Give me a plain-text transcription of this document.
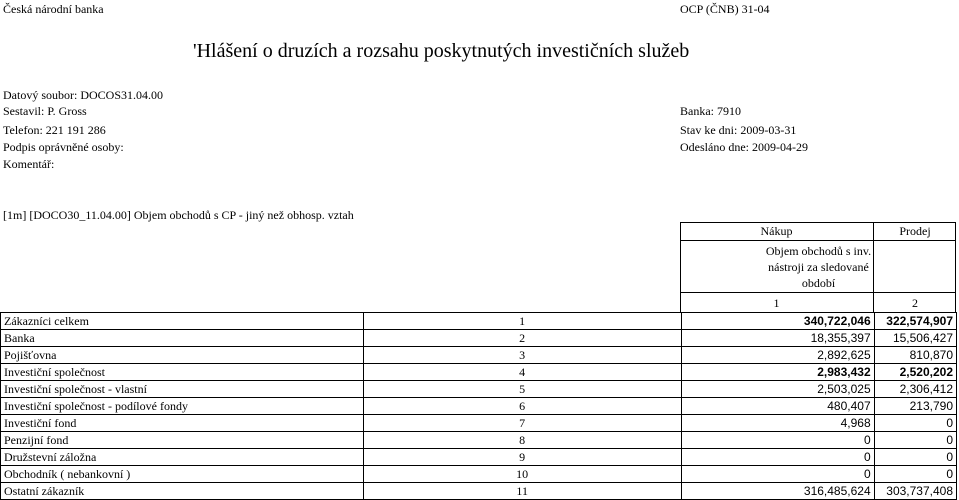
Česká národní banka	OCP (ČNB) 31-04
'Hlášení o druzích a rozsahu poskytnutých investičních služeb
Datový soubor: DOCOS31.04.00
Sestavil: P. Gross
Telefon: 221 191 286
Podpis oprávněné osoby:
Komentář:
Banka: 7910
Stav ke dni: 2009-03-31
Odesláno dne: 2009-04-29
[1m] [DOCO30_11.04.00] Objem obchodů s CP - jiný než obhosp. vztah
Nákup	Prodej
Objem obchodů s inv. nástroji za sledované období
1	2
Zákazníci celkem	1	340,722,046	322,574,907
Banka	2	18,355,397	15,506,427
Pojišťovna	3	2,892,625	810,870
Investiční společnost	4	2,983,432	2,520,202
Investiční společnost - vlastní	5	2,503,025	2,306,412
Investiční společnost - podílové fondy	6	480,407	213,790
Investiční fond	7	4,968	0
Penzijní fond	8	0	0
Družstevní záložna	9	0	0
Obchodník ( nebankovní )	10	0	0
Ostatní zákazník	11	316,485,624	303,737,408
